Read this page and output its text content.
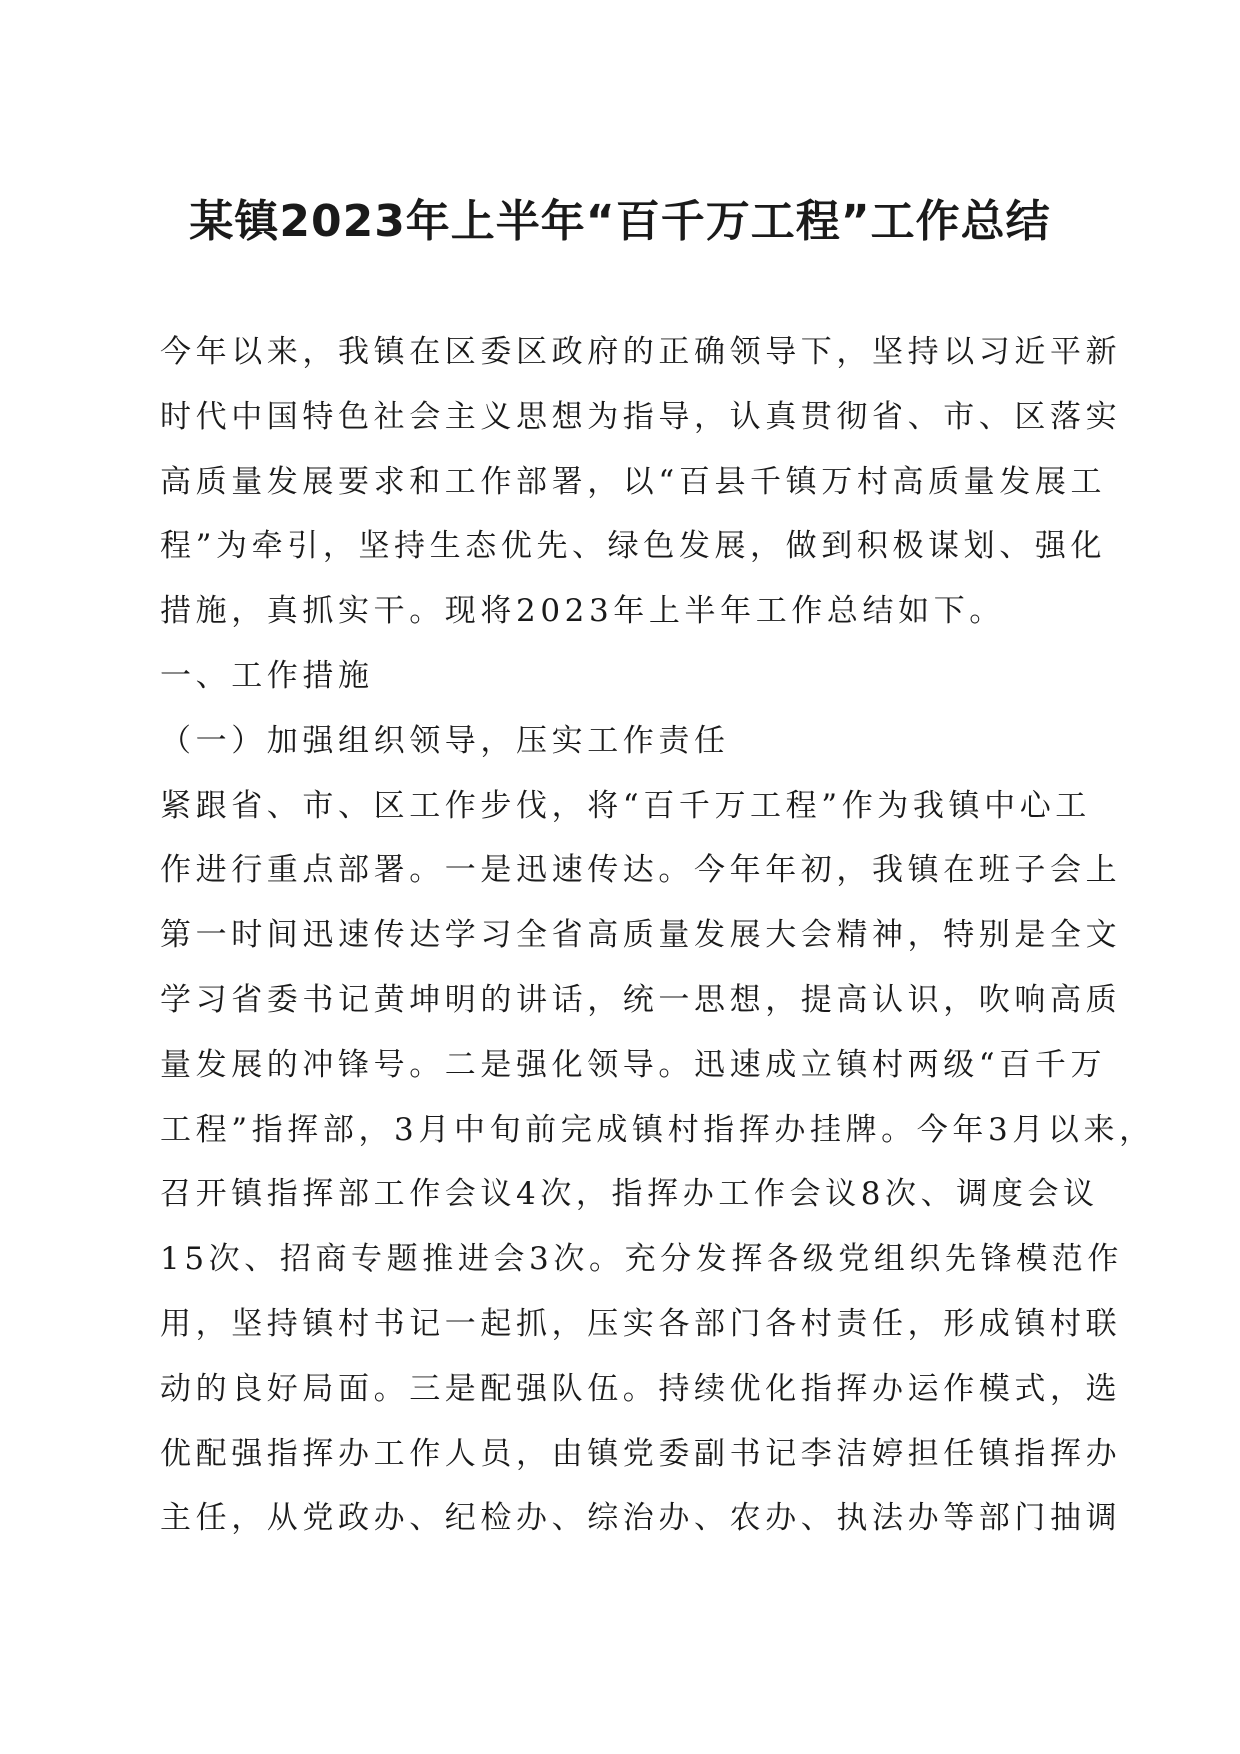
某镇2023年上半年“百千万工程”工作总结
今年以来，我镇在区委区政府的正确领导下，坚持以习近平新
时代中国特色社会主义思想为指导，认真贯彻省、市、区落实
高质量发展要求和工作部署，以“百县千镇万村高质量发展工
程”为牵引，坚持生态优先、绿色发展，做到积极谋划、强化
措施，真抓实干。现将2023年上半年工作总结如下。
一、工作措施
（一）加强组织领导，压实工作责任
紧跟省、市、区工作步伐，将“百千万工程”作为我镇中心工
作进行重点部署。一是迅速传达。今年年初，我镇在班子会上
第一时间迅速传达学习全省高质量发展大会精神，特别是全文
学习省委书记黄坤明的讲话，统一思想，提高认识，吹响高质
量发展的冲锋号。二是强化领导。迅速成立镇村两级“百千万
工程”指挥部，3月中旬前完成镇村指挥办挂牌。今年3月以来，
召开镇指挥部工作会议4次，指挥办工作会议8次、调度会议
15次、招商专题推进会3次。充分发挥各级党组织先锋模范作
用，坚持镇村书记一起抓，压实各部门各村责任，形成镇村联
动的良好局面。三是配强队伍。持续优化指挥办运作模式，选
优配强指挥办工作人员，由镇党委副书记李洁婷担任镇指挥办
主任，从党政办、纪检办、综治办、农办、执法办等部门抽调
